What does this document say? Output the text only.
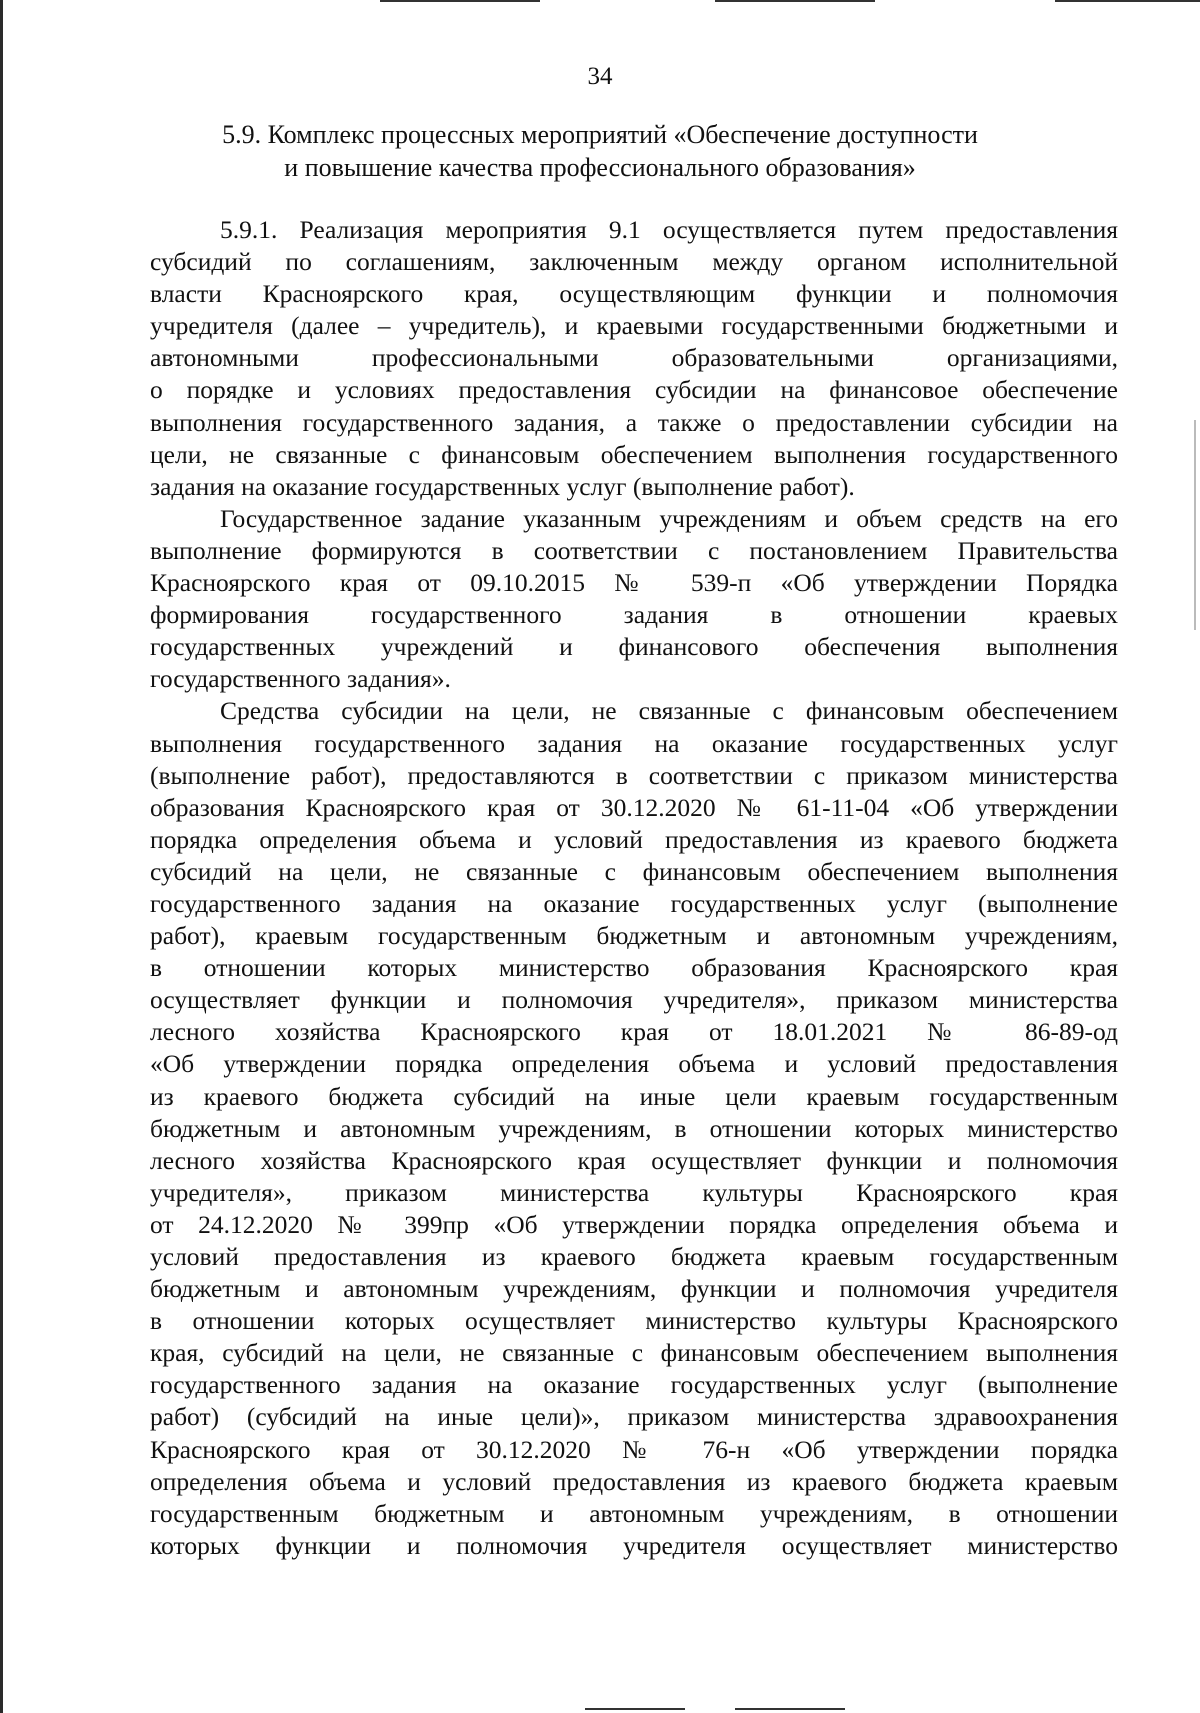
34
5.9. Комплекс процессных мероприятий «Обеспечение доступности
и повышение качества профессионального образования»
5.9.1. Реализация мероприятия 9.1 осуществляется путем предоставления
субсидий по соглашениям, заключенным между органом исполнительной
власти Красноярского края, осуществляющим функции и полномочия
учредителя (далее – учредитель), и краевыми государственными бюджетными и
автономными профессиональными образовательными организациями,
о порядке и условиях предоставления субсидии на финансовое обеспечение
выполнения государственного задания, а также о предоставлении субсидии на
цели, не связанные с финансовым обеспечением выполнения государственного
задания на оказание государственных услуг (выполнение работ).
Государственное задание указанным учреждениям и объем средств на его
выполнение формируются в соответствии с постановлением Правительства
Красноярского края от 09.10.2015 № 539-п «Об утверждении Порядка
формирования государственного задания в отношении краевых
государственных учреждений и финансового обеспечения выполнения
государственного задания».
Средства субсидии на цели, не связанные с финансовым обеспечением
выполнения государственного задания на оказание государственных услуг
(выполнение работ), предоставляются в соответствии с приказом министерства
образования Красноярского края от 30.12.2020 № 61-11-04 «Об утверждении
порядка определения объема и условий предоставления из краевого бюджета
субсидий на цели, не связанные с финансовым обеспечением выполнения
государственного задания на оказание государственных услуг (выполнение
работ), краевым государственным бюджетным и автономным учреждениям,
в отношении которых министерство образования Красноярского края
осуществляет функции и полномочия учредителя», приказом министерства
лесного хозяйства Красноярского края от 18.01.2021 № 86-89-од
«Об утверждении порядка определения объема и условий предоставления
из краевого бюджета субсидий на иные цели краевым государственным
бюджетным и автономным учреждениям, в отношении которых министерство
лесного хозяйства Красноярского края осуществляет функции и полномочия
учредителя», приказом министерства культуры Красноярского края
от 24.12.2020 № 399пр «Об утверждении порядка определения объема и
условий предоставления из краевого бюджета краевым государственным
бюджетным и автономным учреждениям, функции и полномочия учредителя
в отношении которых осуществляет министерство культуры Красноярского
края, субсидий на цели, не связанные с финансовым обеспечением выполнения
государственного задания на оказание государственных услуг (выполнение
работ) (субсидий на иные цели)», приказом министерства здравоохранения
Красноярского края от 30.12.2020 № 76-н «Об утверждении порядка
определения объема и условий предоставления из краевого бюджета краевым
государственным бюджетным и автономным учреждениям, в отношении
которых функции и полномочия учредителя осуществляет министерство
